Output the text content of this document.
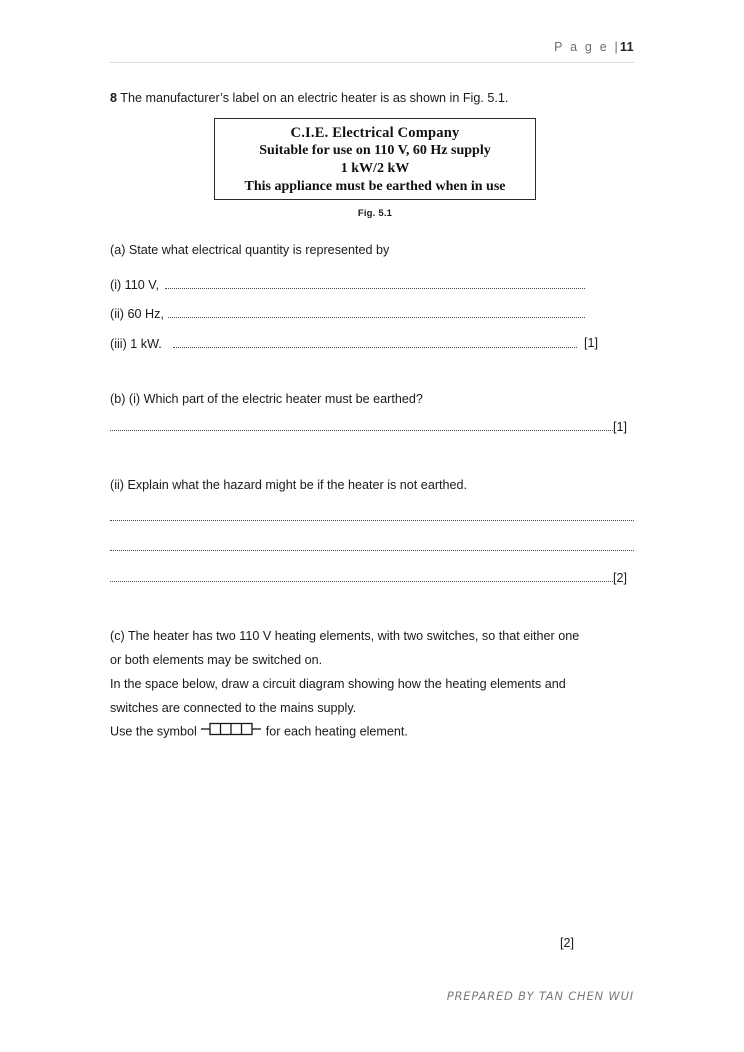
P a g e |11
8 The manufacturer’s label on an electric heater is as shown in Fig. 5.1.
C.I.E. Electrical Company
Suitable for use on 110 V, 60 Hz supply
1 kW/2 kW
This appliance must be earthed when in use
Fig. 5.1
(a) State what electrical quantity is represented by
(i) 110 V,
(ii) 60 Hz,
(iii) 1 kW.	[1]
(b) (i) Which part of the electric heater must be earthed?
[1]
(ii) Explain what the hazard might be if the heater is not earthed.
[2]
(c) The heater has two 110 V heating elements, with two switches, so that either one
or both elements may be switched on.
In the space below, draw a circuit diagram showing how the heating elements and
switches are connected to the mains supply.
Use the symbol	for each heating element.
[2]
PREPARED BY TAN CHEN WUI
